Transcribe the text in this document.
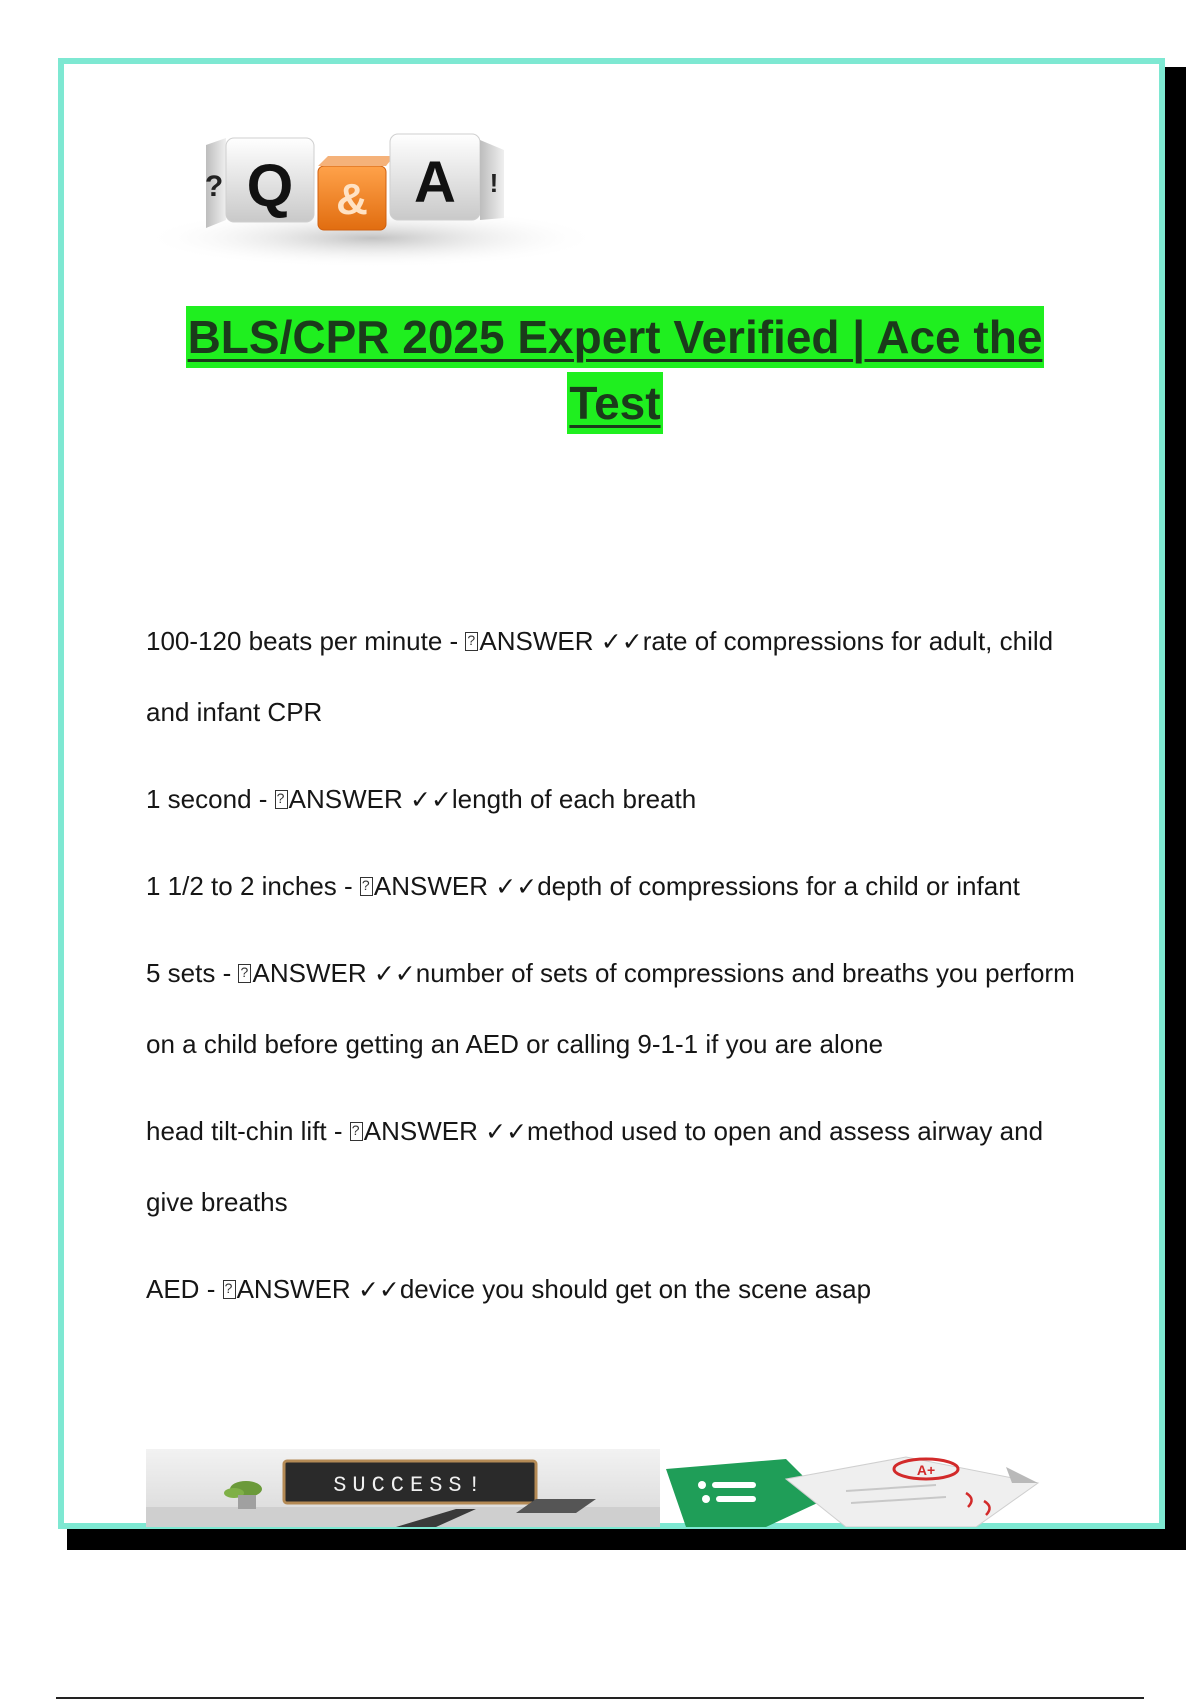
Q
?	& A !
BLS/CPR 2025 Expert Verified | Ace the
Test
100-120 beats per minute - ?ANSWER ✓✓rate of compressions for adult, child and infant CPR
1 second - ?ANSWER ✓✓length of each breath
1 1/2 to 2 inches - ?ANSWER ✓✓depth of compressions for a child or infant
5 sets - ?ANSWER ✓✓number of sets of compressions and breaths you perform on a child before getting an AED or calling 9-1-1 if you are alone
head tilt-chin lift - ?ANSWER ✓✓method used to open and assess airway and give breaths
AED - ?ANSWER ✓✓device you should get on the scene asap
SUCCESS!
A+
